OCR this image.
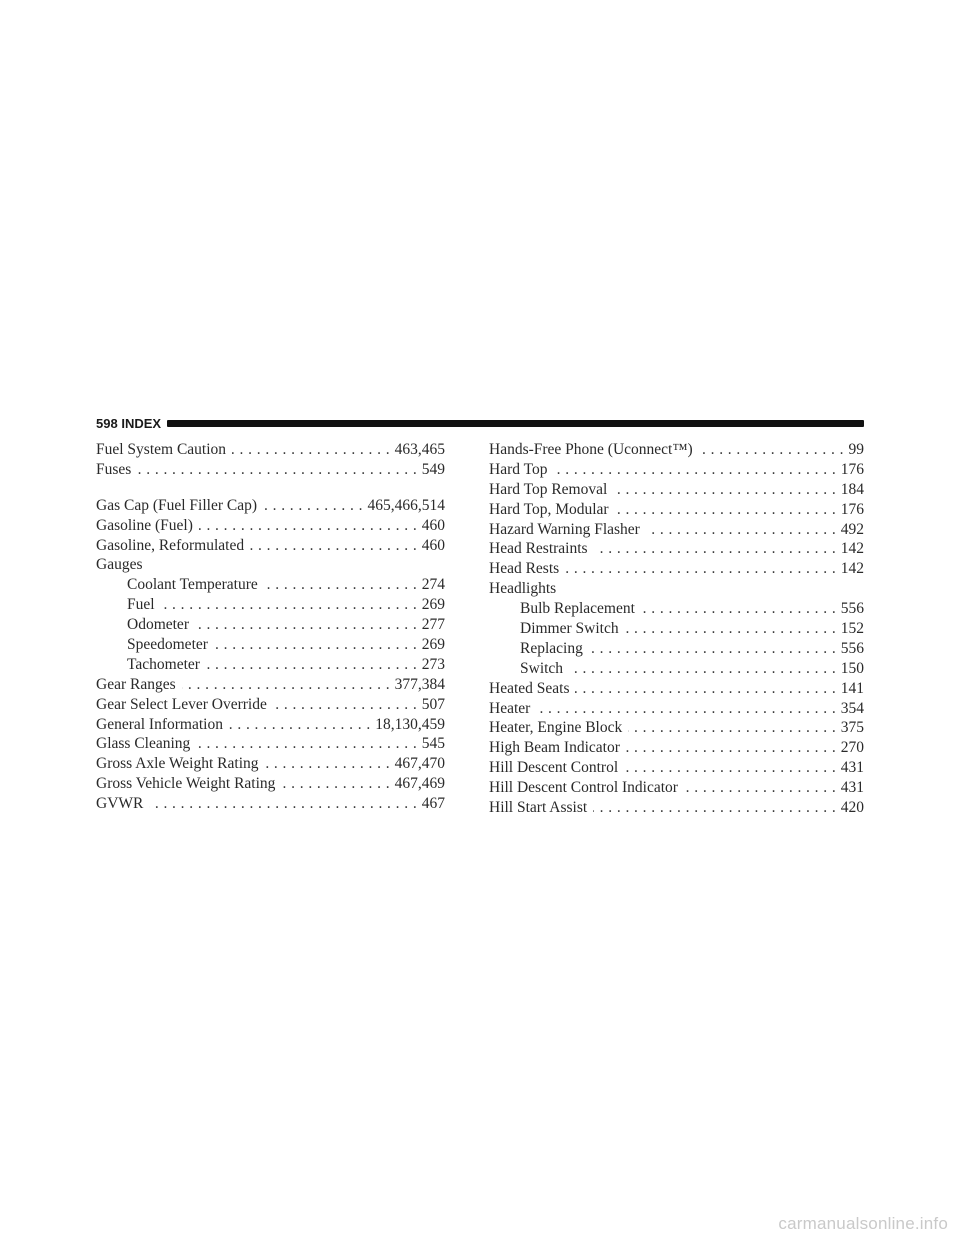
598 INDEX
Fuel System Caution . . .	463,465
Fuses . . .	549
Gas Cap (Fuel Filler Cap) . . .	465,466,514
Gasoline (Fuel) . . .	460
Gasoline, Reformulated . . .	460
Gauges
Coolant Temperature . . .	274
Fuel . . .	269
Odometer . . .	277
Speedometer . . .	269
Tachometer . . .	273
Gear Ranges . . .	377,384
Gear Select Lever Override . . .	507
General Information . . .	18,130,459
Glass Cleaning . . .	545
Gross Axle Weight Rating . . .	467,470
Gross Vehicle Weight Rating . . .	467,469
GVWR . . .	467
Hands-Free Phone (Uconnect™) . . .	99
Hard Top . . .	176
Hard Top Removal . . .	184
Hard Top, Modular . . .	176
Hazard Warning Flasher . . .	492
Head Restraints . . .	142
Head Rests . . .	142
Headlights
Bulb Replacement . . .	556
Dimmer Switch . . .	152
Replacing . . .	556
Switch . . .	150
Heated Seats . . .	141
Heater . . .	354
Heater, Engine Block . . .	375
High Beam Indicator . . .	270
Hill Descent Control . . .	431
Hill Descent Control Indicator . . .	431
Hill Start Assist . . .	420
carmanualsonline.info
